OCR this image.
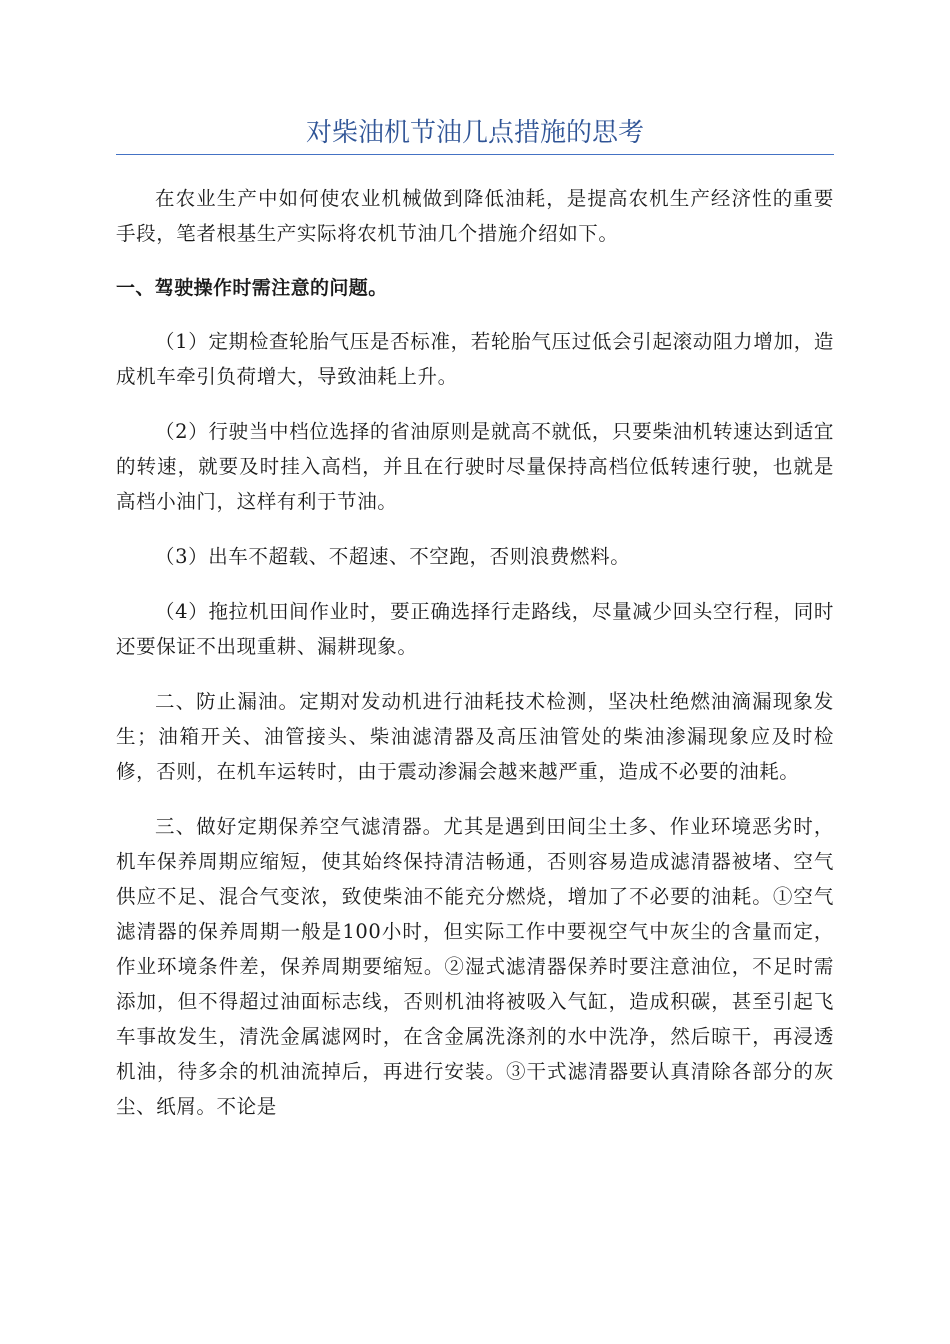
对柴油机节油几点措施的思考

在农业生产中如何使农业机械做到降低油耗，是提高农机生产经济性的重要手段，笔者根基生产实际将农机节油几个措施介绍如下。

一、驾驶操作时需注意的问题。

（1）定期检查轮胎气压是否标准，若轮胎气压过低会引起滚动阻力增加，造成机车牵引负荷增大，导致油耗上升。

（2）行驶当中档位选择的省油原则是就高不就低，只要柴油机转速达到适宜的转速，就要及时挂入高档，并且在行驶时尽量保持高档位低转速行驶，也就是高档小油门，这样有利于节油。

（3）出车不超载、不超速、不空跑，否则浪费燃料。

（4）拖拉机田间作业时，要正确选择行走路线，尽量减少回头空行程，同时还要保证不出现重耕、漏耕现象。

二、防止漏油。定期对发动机进行油耗技术检测，坚决杜绝燃油滴漏现象发生；油箱开关、油管接头、柴油滤清器及高压油管处的柴油渗漏现象应及时检修，否则，在机车运转时，由于震动渗漏会越来越严重，造成不必要的油耗。

三、做好定期保养空气滤清器。尤其是遇到田间尘土多、作业环境恶劣时，机车保养周期应缩短，使其始终保持清洁畅通，否则容易造成滤清器被堵、空气供应不足、混合气变浓，致使柴油不能充分燃烧，增加了不必要的油耗。①空气滤清器的保养周期一般是100小时，但实际工作中要视空气中灰尘的含量而定，作业环境条件差，保养周期要缩短。②湿式滤清器保养时要注意油位，不足时需添加，但不得超过油面标志线，否则机油将被吸入气缸，造成积碳，甚至引起飞车事故发生，清洗金属滤网时，在含金属洗涤剂的水中洗净，然后晾干，再浸透机油，待多余的机油流掉后，再进行安装。③干式滤清器要认真清除各部分的灰尘、纸屑。不论是
